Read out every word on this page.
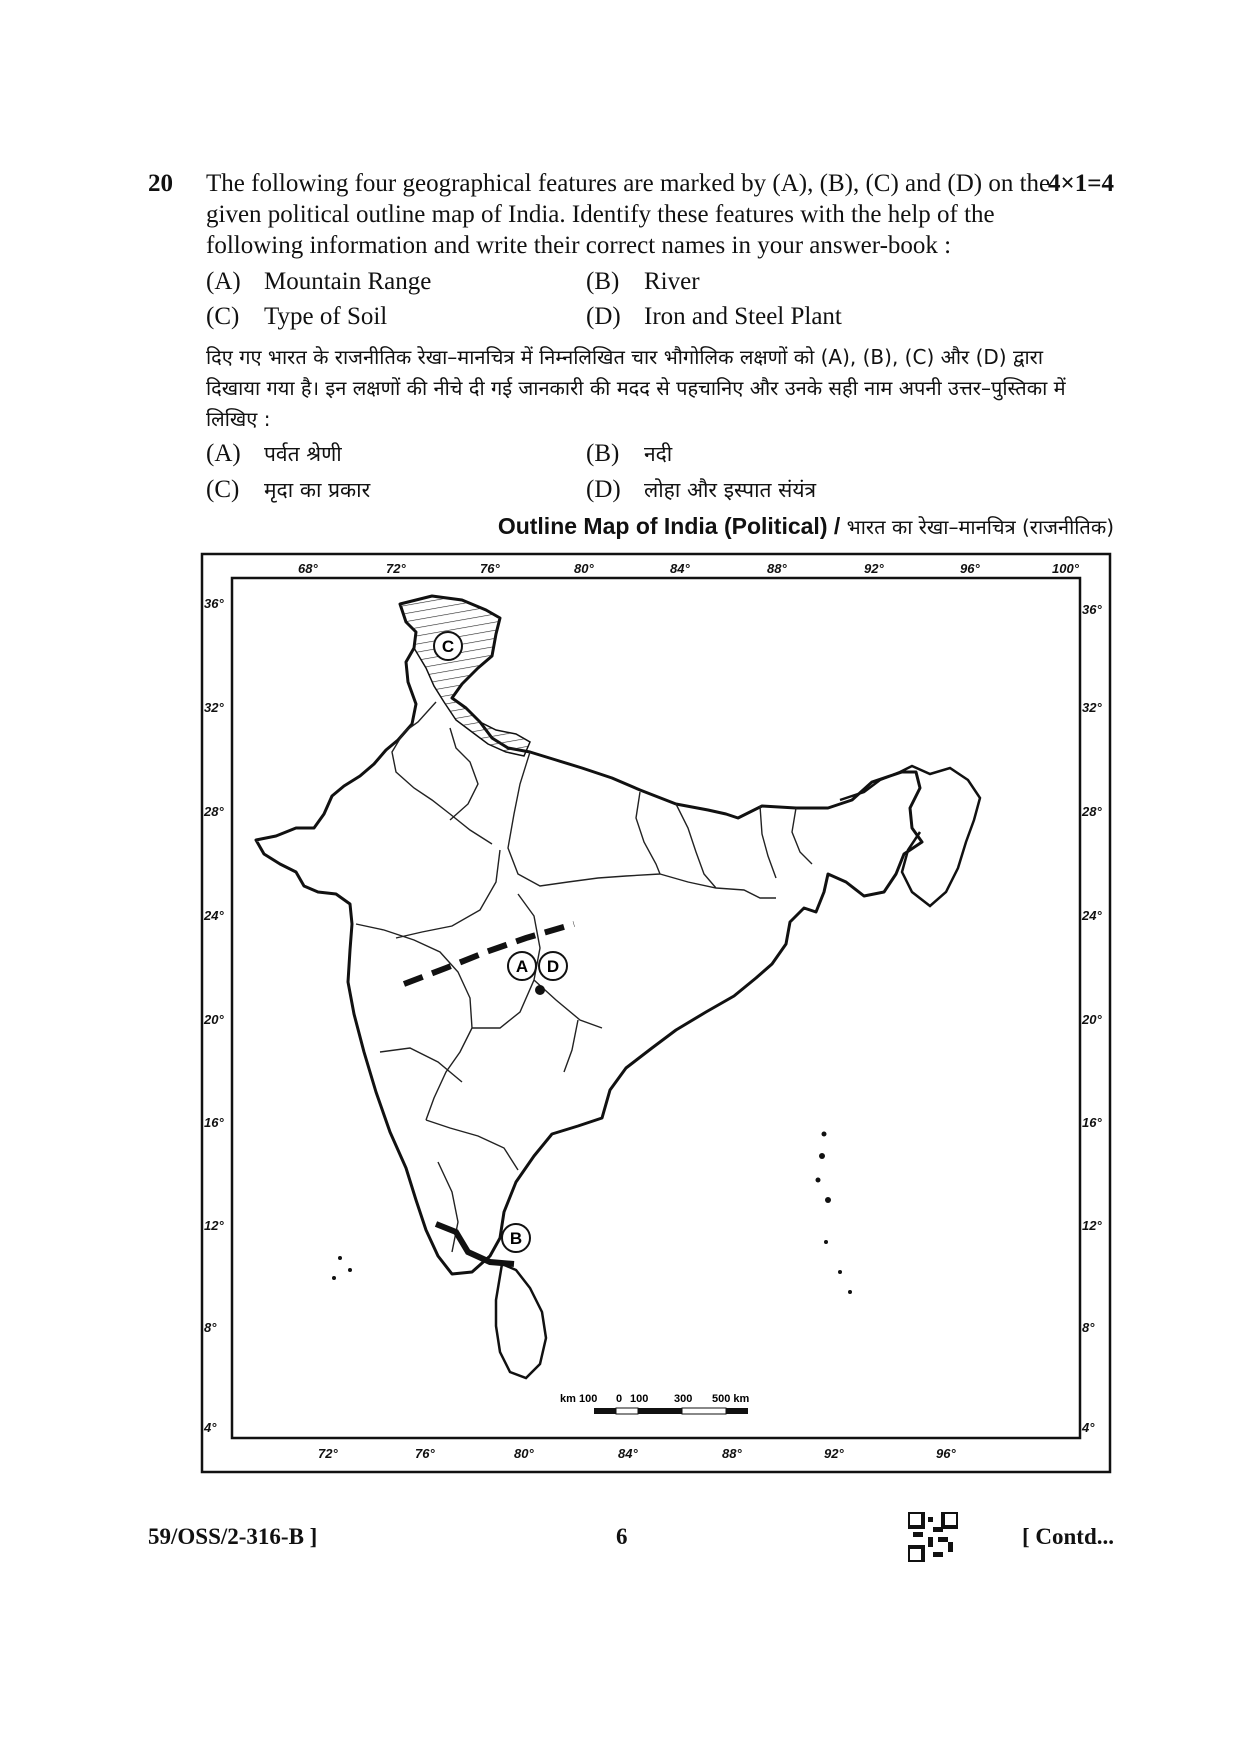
20	4×1=4
The following four geographical features are marked by (A), (B), (C) and (D) on the given political outline map of India. Identify these features with the help of the following information and write their correct names in your answer-book :
(A) Mountain Range	(B) River
(C) Type of Soil	(D) Iron and Steel Plant
दिए गए भारत के राजनीतिक रेखा–मानचित्र में निम्नलिखित चार भौगोलिक लक्षणों को (A), (B), (C) और (D) द्वारा दिखाया गया है। इन लक्षणों की नीचे दी गई जानकारी की मदद से पहचानिए और उनके सही नाम अपनी उत्तर–पुस्तिका में लिखिए :
(A) पर्वत श्रेणी	(B) नदी
(C) मृदा का प्रकार	(D) लोहा और इस्पात संयंत्र
Outline Map of India (Political) / भारत का रेखा–मानचित्र (राजनीतिक)
68°	72°	76°	80°	84°	88°	92°	96°	100°
72°	76°	80°	84°	88°	92°	96°
36°
32°
28°
24°
20°
16°
12°
8°
4°
36°
32°
28°
24°
20°
16°
12°
8°
4°
A
B
C
D
km 100 0 100 300 500 km
59/OSS/2-316-B ]	6	[ Contd...
